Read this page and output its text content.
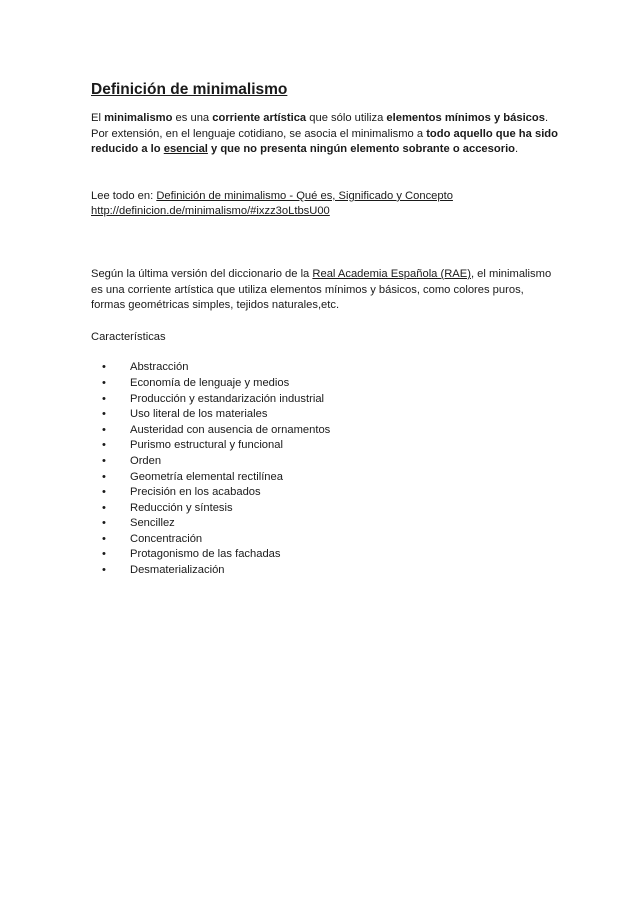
Definición de minimalismo

El minimalismo es una corriente artística que sólo utiliza elementos mínimos y básicos. Por extensión, en el lenguaje cotidiano, se asocia el minimalismo a todo aquello que ha sido reducido a lo esencial y que no presenta ningún elemento sobrante o accesorio.

Lee todo en: Definición de minimalismo - Qué es, Significado y Concepto
http://definicion.de/minimalismo/#ixzz3oLtbsU00

Según la última versión del diccionario de la Real Academia Española (RAE), el minimalismo es una corriente artística que utiliza elementos mínimos y básicos, como colores puros, formas geométricas simples, tejidos naturales,etc.

Características

• Abstracción
• Economía de lenguaje y medios
• Producción y estandarización industrial
• Uso literal de los materiales
• Austeridad con ausencia de ornamentos
• Purismo estructural y funcional
• Orden
• Geometría elemental rectilínea
• Precisión en los acabados
• Reducción y síntesis
• Sencillez
• Concentración
• Protagonismo de las fachadas
• Desmaterialización
